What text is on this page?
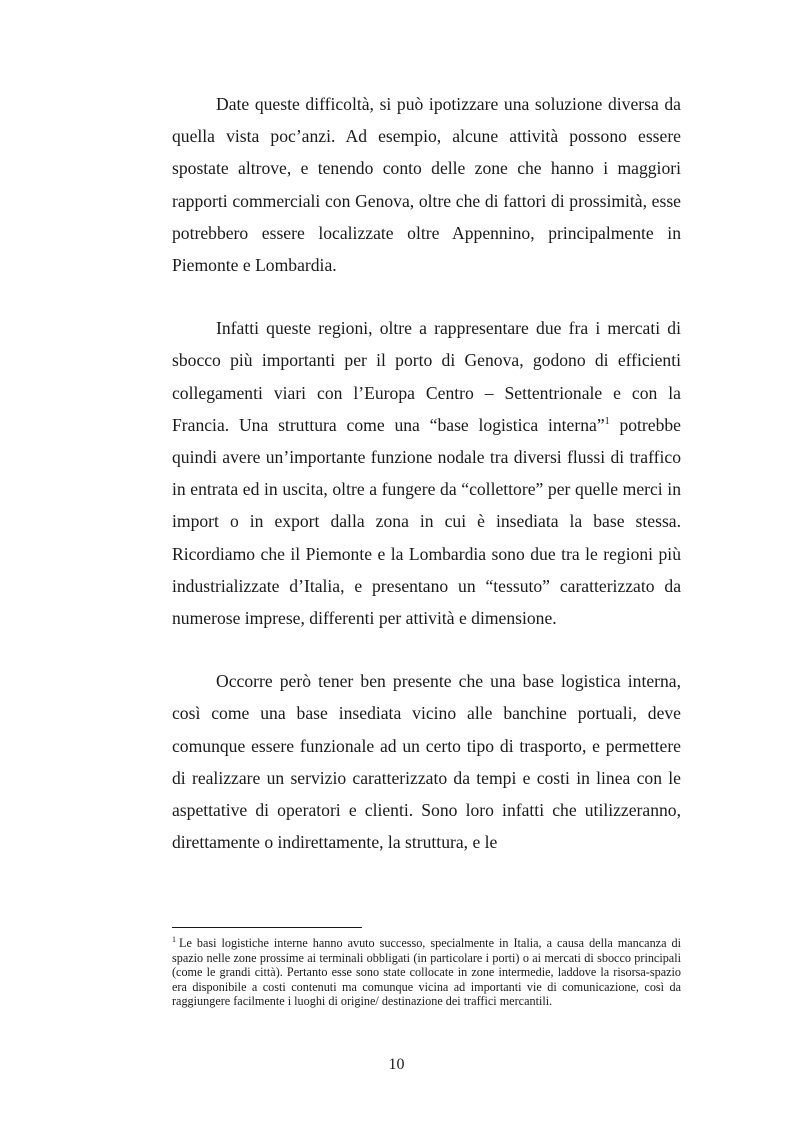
Date queste difficoltà, si può ipotizzare una soluzione diversa da quella vista poc’anzi. Ad esempio, alcune attività possono essere spostate altrove, e tenendo conto delle zone che hanno i maggiori rapporti commerciali con Genova, oltre che di fattori di prossimità, esse potrebbero essere localizzate oltre Appennino, principalmente in Piemonte e Lombardia.

Infatti queste regioni, oltre a rappresentare due fra i mercati di sbocco più importanti per il porto di Genova, godono di efficienti collegamenti viari con l’Europa Centro – Settentrionale e con la Francia. Una struttura come una “base logistica interna”$^1$ potrebbe quindi avere un’importante funzione nodale tra diversi flussi di traffico in entrata ed in uscita, oltre a fungere da “collettore” per quelle merci in import o in export dalla zona in cui è insediata la base stessa. Ricordiamo che il Piemonte e la Lombardia sono due tra le regioni più industrializzate d’Italia, e presentano un “tessuto” caratterizzato da numerose imprese, differenti per attività e dimensione.

Occorre però tener ben presente che una base logistica interna, così come una base insediata vicino alle banchine portuali, deve comunque essere funzionale ad un certo tipo di trasporto, e permettere di realizzare un servizio caratterizzato da tempi e costi in linea con le aspettative di operatori e clienti. Sono loro infatti che utilizzeranno, direttamente o indirettamente, la struttura, e le

$^1$ Le basi logistiche interne hanno avuto successo, specialmente in Italia, a causa della mancanza di spazio nelle zone prossime ai terminali obbligati (in particolare i porti) o ai mercati di sbocco principali (come le grandi città). Pertanto esse sono state collocate in zone intermedie, laddove la risorsa-spazio era disponibile a costi contenuti ma comunque vicina ad importanti vie di comunicazione, così da raggiungere facilmente i luoghi di origine/ destinazione dei traffici mercantili.

10
